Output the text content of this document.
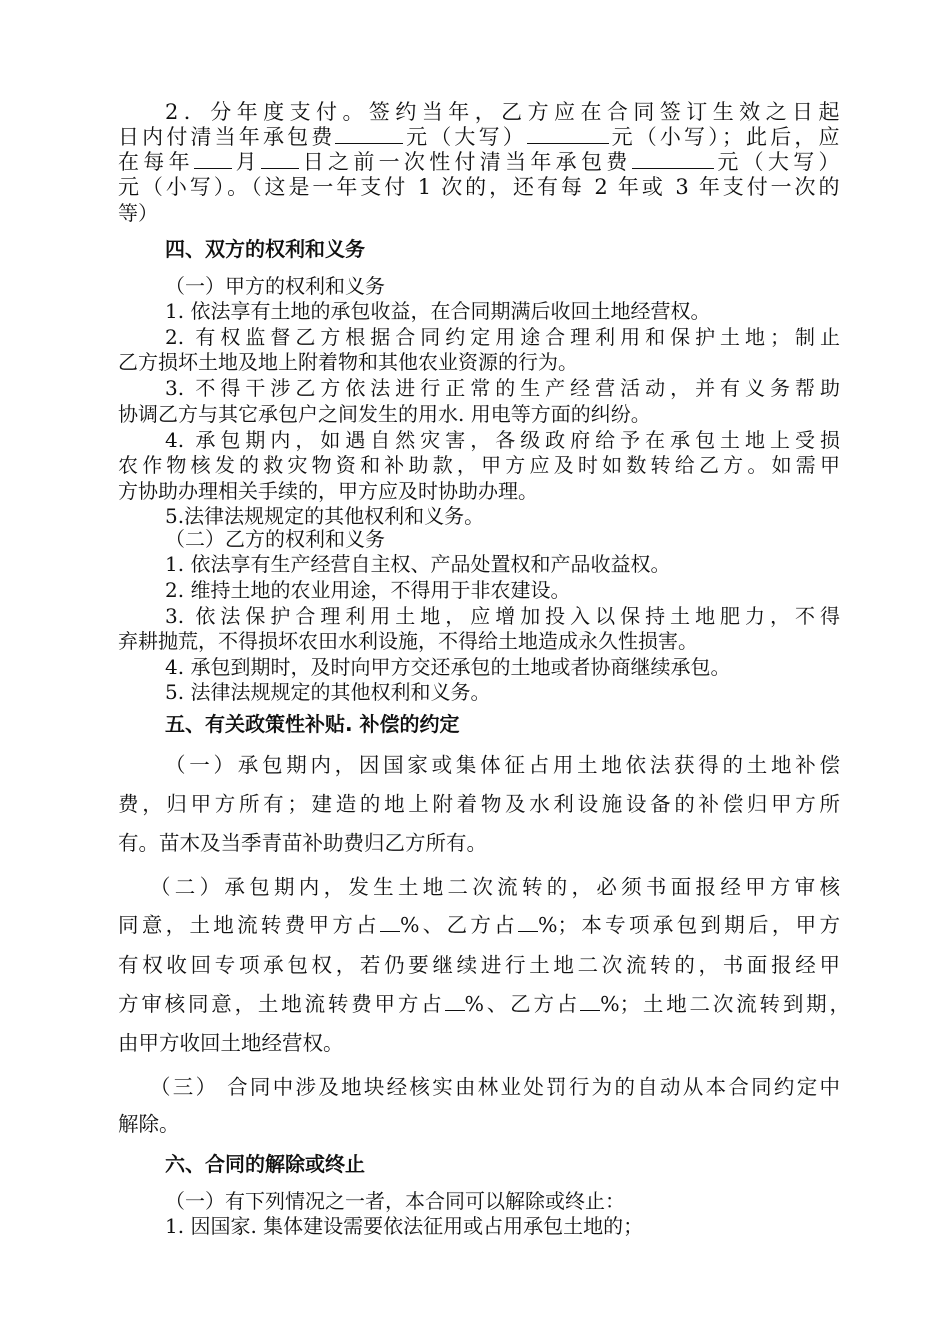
2．分年度支付。签约当年，乙方应在合同签订生效之日起
日内付清当年承包费	元（大写）	元（小写）；此后，应
在每年 月 日之前一次性付清当年承包费	元（大写）
元（小写）。（这是一年支付 1 次的，还有每 2 年或 3 年支付一次的
等）
四、双方的权利和义务
（一）甲方的权利和义务
1. 依法享有土地的承包收益，在合同期满后收回土地经营权。
2. 有权监督乙方根据合同约定用途合理利用和保护土地；制止
乙方损坏土地及地上附着物和其他农业资源的行为。
3. 不得干涉乙方依法进行正常的生产经营活动，并有义务帮助
协调乙方与其它承包户之间发生的用水. 用电等方面的纠纷。
4. 承包期内，如遇自然灾害，各级政府给予在承包土地上受损
农作物核发的救灾物资和补助款，甲方应及时如数转给乙方。如需甲
方协助办理相关手续的，甲方应及时协助办理。
5.法律法规规定的其他权利和义务。
（二）乙方的权利和义务
1. 依法享有生产经营自主权、产品处置权和产品收益权。
2. 维持土地的农业用途，不得用于非农建设。
3. 依法保护合理利用土地，应增加投入以保持土地肥力，不得
弃耕抛荒，不得损坏农田水利设施，不得给土地造成永久性损害。
4. 承包到期时，及时向甲方交还承包的土地或者协商继续承包。
5. 法律法规规定的其他权利和义务。
五、有关政策性补贴. 补偿的约定
（一）承包期内，因国家或集体征占用土地依法获得的土地补偿
费，归甲方所有；建造的地上附着物及水利设施设备的补偿归甲方所
有。苗木及当季青苗补助费归乙方所有。
（二）承包期内，发生土地二次流转的，必须书面报经甲方审核
同意，土地流转费甲方占 %、乙方占 %；本专项承包到期后，甲方
有权收回专项承包权，若仍要继续进行土地二次流转的，书面报经甲
方审核同意，土地流转费甲方占 %、乙方占 %；土地二次流转到期，
由甲方收回土地经营权。
（三） 合同中涉及地块经核实由林业处罚行为的自动从本合同约定中
解除。
六、合同的解除或终止
（一）有下列情况之一者，本合同可以解除或终止：
1. 因国家. 集体建设需要依法征用或占用承包土地的；
